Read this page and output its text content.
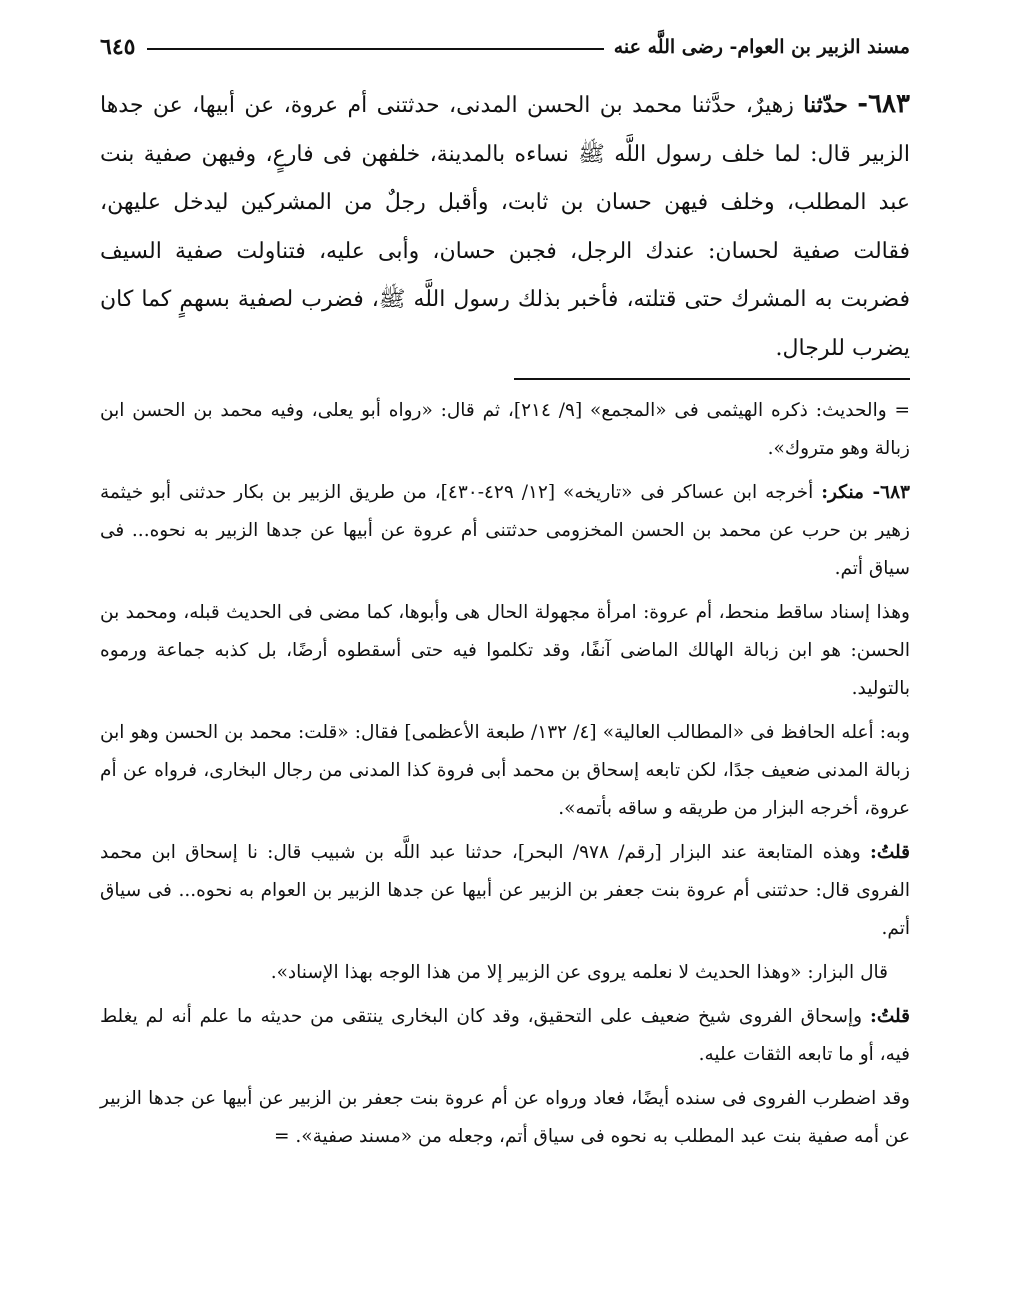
مسند الزبير بن العوام- رضى اللَّه عنه
٦٤٥
٦٨٣- حدّثنا زهيرٌ، حدَّثنا محمد بن الحسن المدنى، حدثتنى أم عروة، عن أبيها، عن جدها الزبير قال: لما خلف رسول اللَّه ﷺ نساءه بالمدينة، خلفهن فى فارعٍ، وفيهن صفية بنت عبد المطلب، وخلف فيهن حسان بن ثابت، وأقبل رجلٌ من المشركين ليدخل عليهن، فقالت صفية لحسان: عندك الرجل، فجبن حسان، وأبى عليه، فتناولت صفية السيف فضربت به المشرك حتى قتلته، فأخبر بذلك رسول اللَّه ﷺ، فضرب لصفية بسهمٍ كما كان يضرب للرجال.

= والحديث: ذكره الهيثمى فى «المجمع» [٩/ ٢١٤]، ثم قال: «رواه أبو يعلى، وفيه محمد بن الحسن ابن زبالة وهو متروك».

٦٨٣- منكر: أخرجه ابن عساكر فى «تاريخه» [١٢/ ٤٢٩-٤٣٠]، من طريق الزبير بن بكار حدثنى أبو خيثمة زهير بن حرب عن محمد بن الحسن المخزومى حدثتنى أم عروة عن أبيها عن جدها الزبير به نحوه... فى سياق أتم.

وهذا إسناد ساقط منحط، أم عروة: امرأة مجهولة الحال هى وأبوها، كما مضى فى الحديث قبله، ومحمد بن الحسن: هو ابن زبالة الهالك الماضى آنفًا، وقد تكلموا فيه حتى أسقطوه أرضًا، بل كذبه جماعة ورموه بالتوليد.

وبه: أعله الحافظ فى «المطالب العالية» [٤/ ١٣٢/ طبعة الأعظمى] فقال: «قلت: محمد بن الحسن وهو ابن زبالة المدنى ضعيف جدًا، لكن تابعه إسحاق بن محمد أبى فروة كذا المدنى من رجال البخارى، فرواه عن أم عروة، أخرجه البزار من طريقه و ساقه بأتمه».

قلتُ: وهذه المتابعة عند البزار [رقم/ ٩٧٨/ البحر]، حدثنا عبد اللَّه بن شبيب قال: نا إسحاق ابن محمد الفروى قال: حدثتنى أم عروة بنت جعفر بن الزبير عن أبيها عن جدها الزبير بن العوام به نحوه... فى سياق أتم.

قال البزار: «وهذا الحديث لا نعلمه يروى عن الزبير إلا من هذا الوجه بهذا الإسناد».

قلتُ: وإسحاق الفروى شيخ ضعيف على التحقيق، وقد كان البخارى ينتقى من حديثه ما علم أنه لم يغلط فيه، أو ما تابعه الثقات عليه.

وقد اضطرب الفروى فى سنده أيضًا، فعاد ورواه عن أم عروة بنت جعفر بن الزبير عن أبيها عن جدها الزبير عن أمه صفية بنت عبد المطلب به نحوه فى سياق أتم، وجعله من «مسند صفية». =
